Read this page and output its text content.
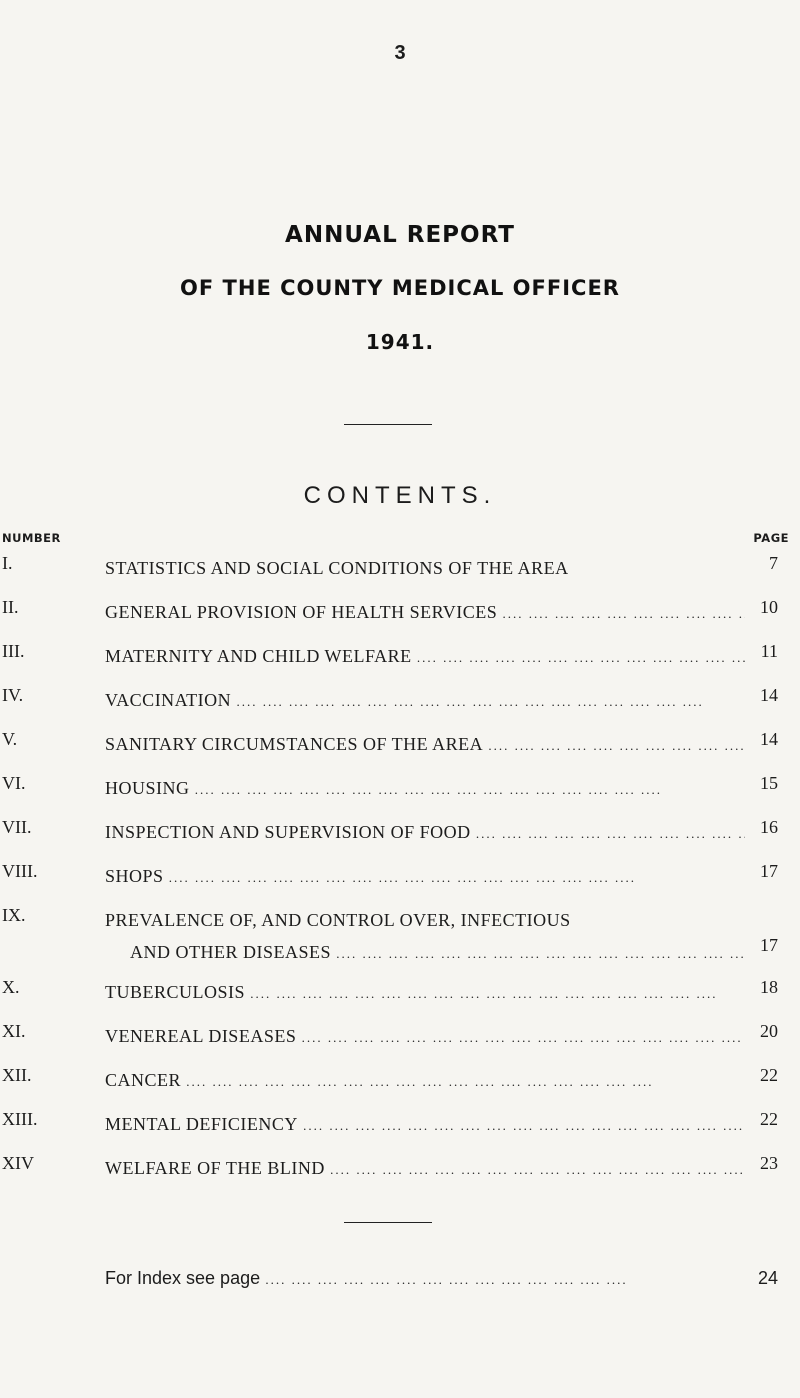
3
ANNUAL REPORT
OF THE COUNTY MEDICAL OFFICER
1941.
CONTENTS.
NUMBER	PAGE
I.	STATISTICS AND SOCIAL CONDITIONS OF THE AREA	7
II.	GENERAL PROVISION OF HEALTH SERVICES ....	10
III.	MATERNITY AND CHILD WELFARE ....	11
IV.	VACCINATION ....	14
V.	SANITARY CIRCUMSTANCES OF THE AREA ....	14
VI.	HOUSING ....	15
VII.	INSPECTION AND SUPERVISION OF FOOD ....	16
VIII.	SHOPS ....	17
IX.	PREVALENCE OF, AND CONTROL OVER, INFECTIOUS
AND OTHER DISEASES ....	17
X.	TUBERCULOSIS ....	18
XI.	VENEREAL DISEASES ....	20
XII.	CANCER ....	22
XIII.	MENTAL DEFICIENCY ....	22
XIV	WELFARE OF THE BLIND ....	23
For Index see page ....	24
